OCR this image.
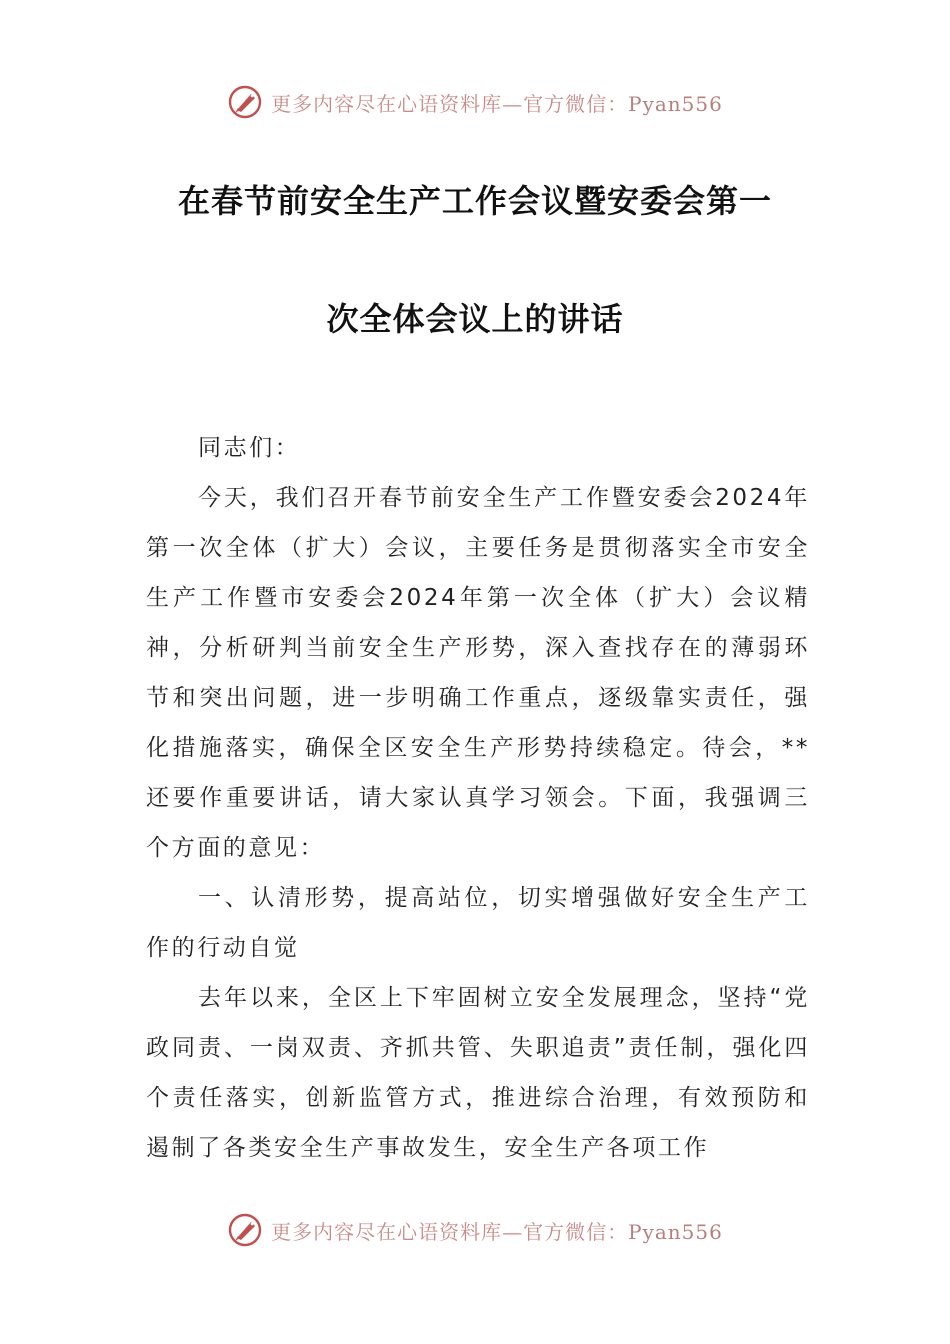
更多内容尽在心语资料库—官方微信：Pyan556
在春节前安全生产工作会议暨安委会第一
次全体会议上的讲话

同志们：

今天，我们召开春节前安全生产工作暨安委会2024年第一次全体（扩大）会议，主要任务是贯彻落实全市安全生产工作暨市安委会2024年第一次全体（扩大）会议精神，分析研判当前安全生产形势，深入查找存在的薄弱环节和突出问题，进一步明确工作重点，逐级靠实责任，强化措施落实，确保全区安全生产形势持续稳定。待会，**还要作重要讲话，请大家认真学习领会。下面，我强调三个方面的意见：

一、认清形势，提高站位，切实增强做好安全生产工作的行动自觉

去年以来，全区上下牢固树立安全发展理念，坚持“党政同责、一岗双责、齐抓共管、失职追责”责任制，强化四个责任落实，创新监管方式，推进综合治理，有效预防和遏制了各类安全生产事故发生，安全生产各项工作

更多内容尽在心语资料库—官方微信：Pyan556
